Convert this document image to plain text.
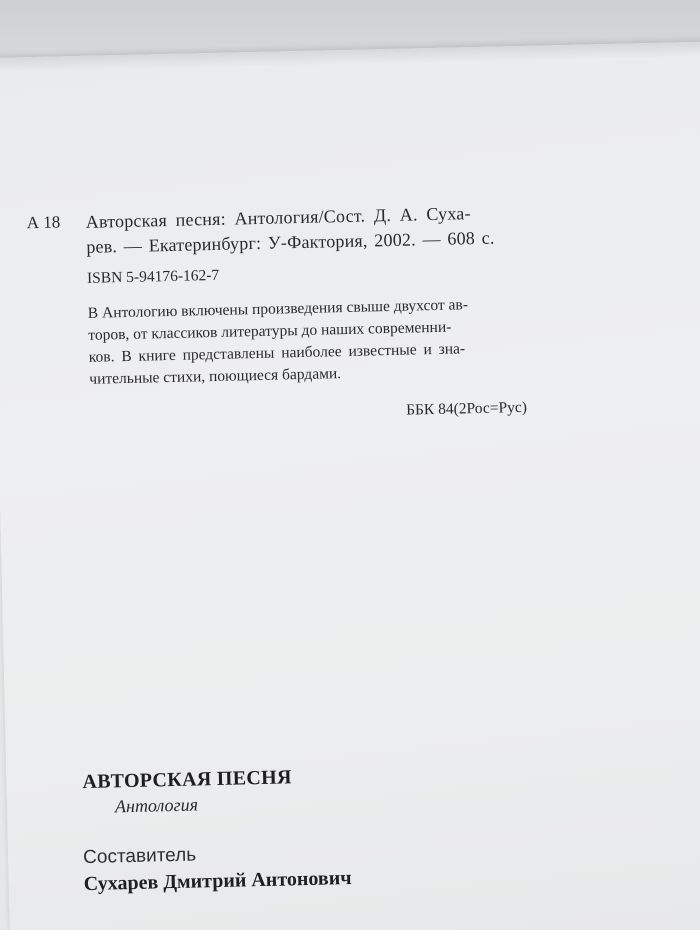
А 18 Авторская песня: Антология/Сост. Д. А. Суха-
рев. — Екатеринбург: У-Фактория, 2002. — 608 с.
ISBN 5-94176-162-7
В Антологию включены произведения свыше двухсот ав-
торов, от классиков литературы до наших современни-
ков. В книге представлены наиболее известные и зна-
чительные стихи, поющиеся бардами.
ББК 84(2Рос=Рус)
АВТОРСКАЯ ПЕСНЯ
Антология
Составитель
Сухарев Дмитрий Антонович
